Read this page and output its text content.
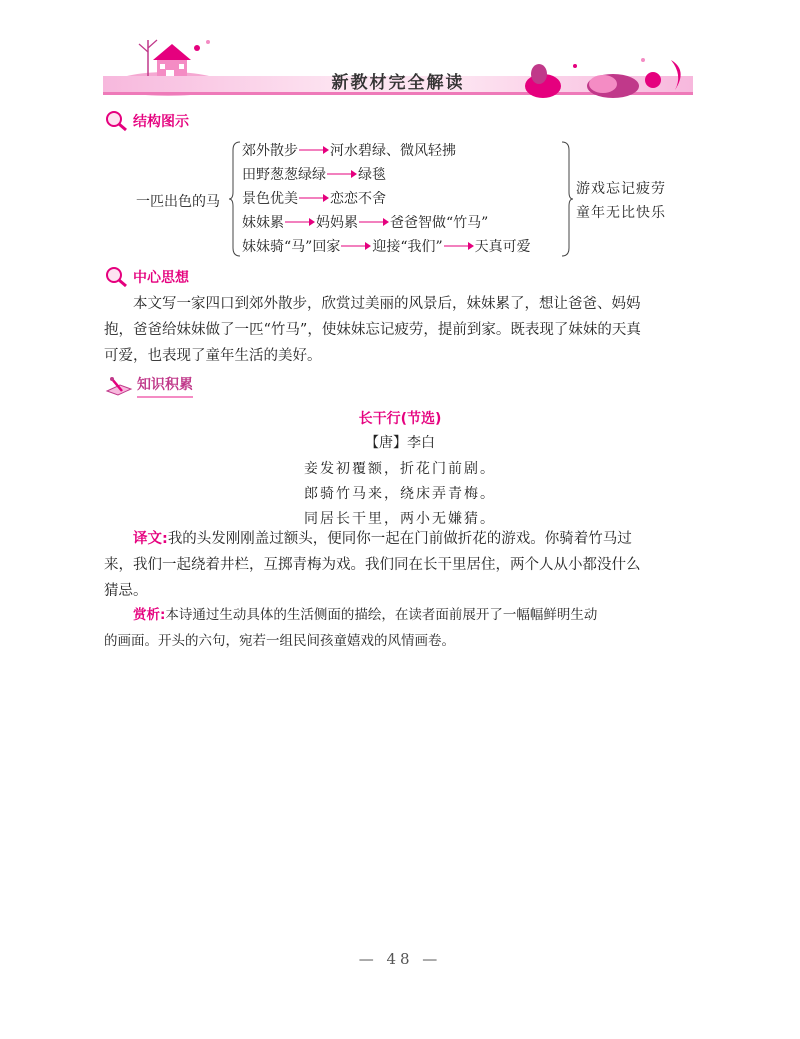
新教材完全解读
结构图示
一匹出色的马
郊外散步 河水碧绿、微风轻拂
田野葱葱绿绿 绿毯
景色优美 恋恋不舍
妹妹累 妈妈累 爸爸智做“竹马”
妹妹骑“马”回家 迎接“我们” 天真可爱
游戏忘记疲劳
童年无比快乐
中心思想
本文写一家四口到郊外散步，欣赏过美丽的风景后，妹妹累了，想让爸爸、妈妈
抱，爸爸给妹妹做了一匹“竹马”，使妹妹忘记疲劳，提前到家。既表现了妹妹的天真
可爱，也表现了童年生活的美好。
知识积累
长干行(节选)
【唐】李白
妾发初覆额，折花门前剧。
郎骑竹马来，绕床弄青梅。
同居长干里，两小无嫌猜。
译文:我的头发刚刚盖过额头，便同你一起在门前做折花的游戏。你骑着竹马过
来，我们一起绕着井栏，互掷青梅为戏。我们同在长干里居住，两个人从小都没什么
猜忌。
赏析:本诗通过生动具体的生活侧面的描绘，在读者面前展开了一幅幅鲜明生动
的画面。开头的六句，宛若一组民间孩童嬉戏的风情画卷。
— 48 —
